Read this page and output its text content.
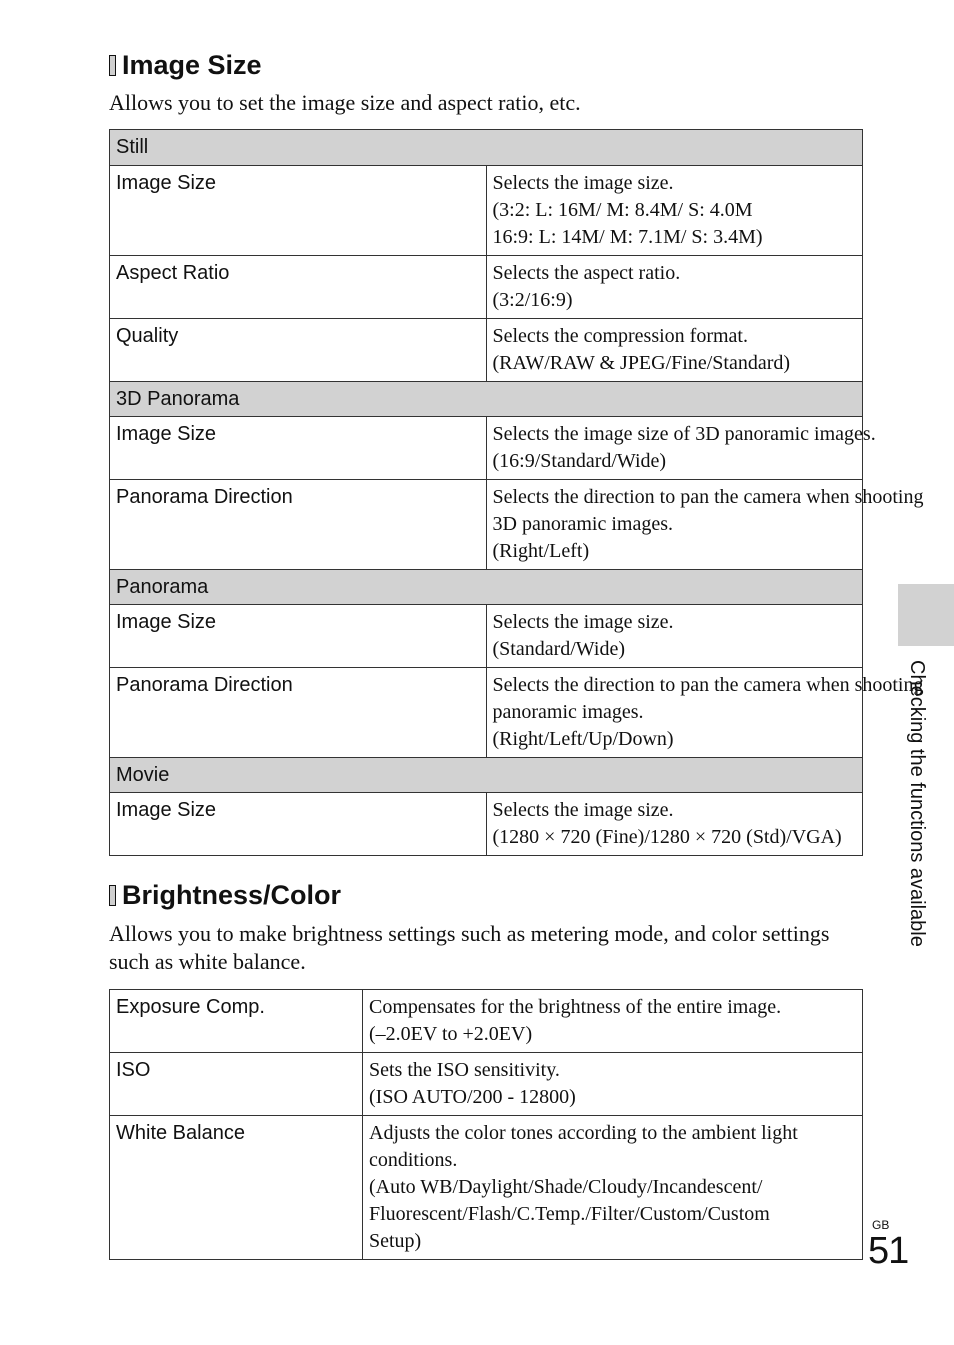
Image Size
Allows you to set the image size and aspect ratio, etc.
Still	
Image Size	Selects the image size.
(3:2: L: 16M/ M: 8.4M/ S: 4.0M
16:9: L: 14M/ M: 7.1M/ S: 3.4M)

Aspect Ratio	Selects the aspect ratio.
(3:2/16:9)

Quality	Selects the compression format.
(RAW/RAW & JPEG/Fine/Standard)

3D Panorama	
Image Size	Selects the image size of 3D panoramic images.
(16:9/Standard/Wide)

Panorama Direction	Selects the direction to pan the camera when shooting
3D panoramic images.
(Right/Left)

Panorama	
Image Size	Selects the image size.
(Standard/Wide)

Panorama Direction	Selects the direction to pan the camera when shooting
panoramic images.
(Right/Left/Up/Down)

Movie	
Image Size	Selects the image size.
(1280 × 720 (Fine)/1280 × 720 (Std)/VGA)
Brightness/Color
Allows you to make brightness settings such as metering mode, and color settings such as white balance.
Exposure Comp.	Compensates for the brightness of the entire image.
(–2.0EV to +2.0EV)

ISO	Sets the ISO sensitivity.
(ISO AUTO/200 - 12800)

White Balance	Adjusts the color tones according to the ambient light
conditions.
(Auto WB/Daylight/Shade/Cloudy/Incandescent/
Fluorescent/Flash/C.Temp./Filter/Custom/Custom
Setup)
Checking the functions available
GB
51
